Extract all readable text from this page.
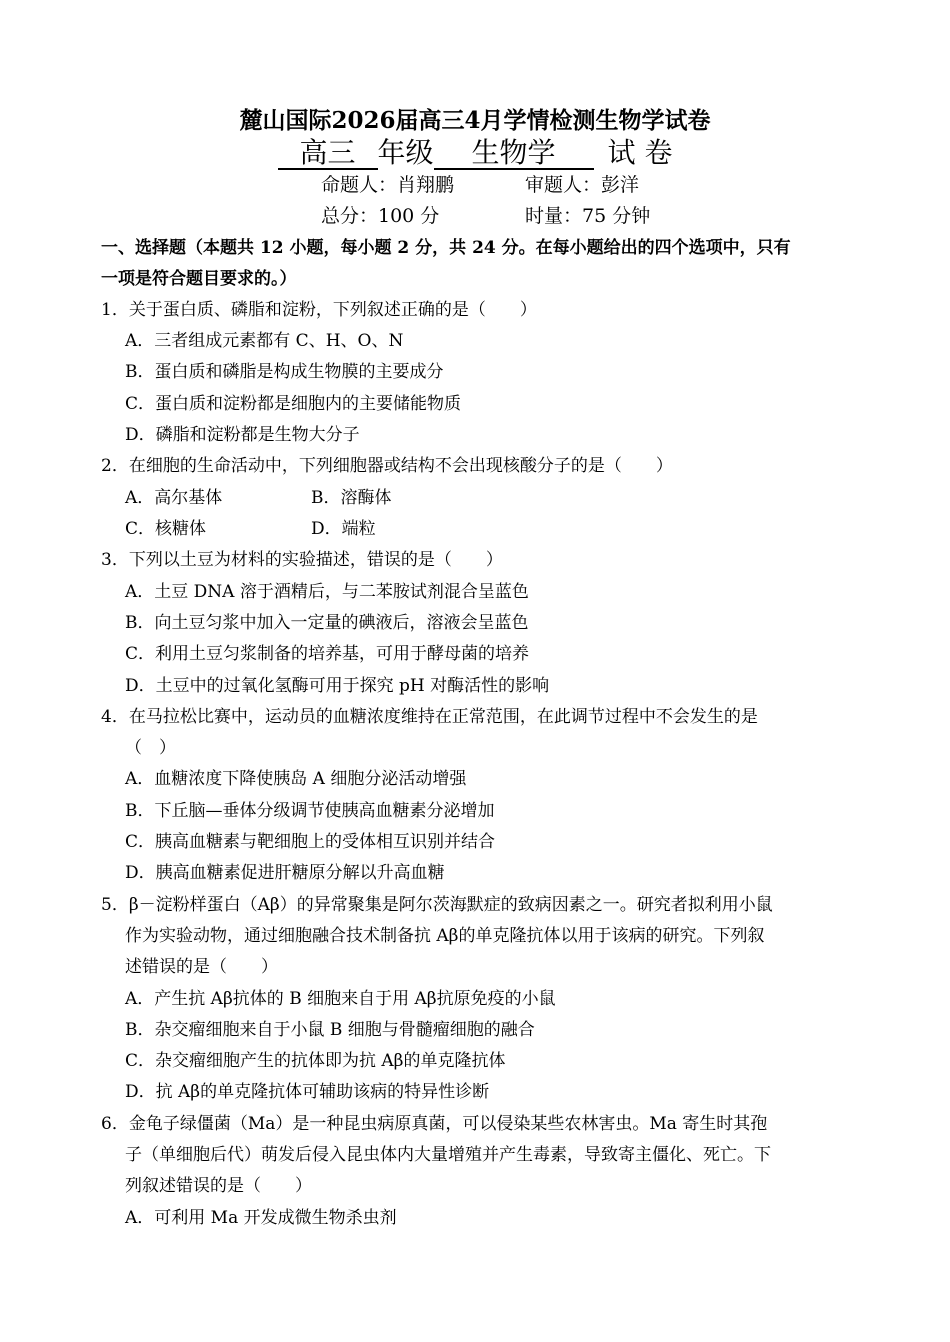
麓山国际2026届高三4月学情检测生物学试卷
高三 年级 生物学 试 卷
命题人：肖翔鹏	审题人：彭洋
总分：100 分	时量：75 分钟
一、选择题（本题共 12 小题，每小题 2 分，共 24 分。在每小题给出的四个选项中，只有
一项是符合题目要求的。）
1．关于蛋白质、磷脂和淀粉，下列叙述正确的是（　　）
A．三者组成元素都有 C、H、O、N
B．蛋白质和磷脂是构成生物膜的主要成分
C．蛋白质和淀粉都是细胞内的主要储能物质
D．磷脂和淀粉都是生物大分子
2．在细胞的生命活动中，下列细胞器或结构不会出现核酸分子的是（　　）
A．高尔基体	B．溶酶体
C．核糖体	D．端粒
3．下列以土豆为材料的实验描述，错误的是（　　）
A．土豆 DNA 溶于酒精后，与二苯胺试剂混合呈蓝色
B．向土豆匀浆中加入一定量的碘液后，溶液会呈蓝色
C．利用土豆匀浆制备的培养基，可用于酵母菌的培养
D．土豆中的过氧化氢酶可用于探究 pH 对酶活性的影响
4．在马拉松比赛中，运动员的血糖浓度维持在正常范围，在此调节过程中不会发生的是
（　）
A．血糖浓度下降使胰岛 A 细胞分泌活动增强
B．下丘脑—垂体分级调节使胰高血糖素分泌增加
C．胰高血糖素与靶细胞上的受体相互识别并结合
D．胰高血糖素促进肝糖原分解以升高血糖
5．β－淀粉样蛋白（Aβ）的异常聚集是阿尔茨海默症的致病因素之一。研究者拟利用小鼠
作为实验动物，通过细胞融合技术制备抗 Aβ的单克隆抗体以用于该病的研究。下列叙
述错误的是（　　）
A．产生抗 Aβ抗体的 B 细胞来自于用 Aβ抗原免疫的小鼠
B．杂交瘤细胞来自于小鼠 B 细胞与骨髓瘤细胞的融合
C．杂交瘤细胞产生的抗体即为抗 Aβ的单克隆抗体
D．抗 Aβ的单克隆抗体可辅助该病的特异性诊断
6．金龟子绿僵菌（Ma）是一种昆虫病原真菌，可以侵染某些农林害虫。Ma 寄生时其孢
子（单细胞后代）萌发后侵入昆虫体内大量增殖并产生毒素，导致寄主僵化、死亡。下
列叙述错误的是（　　）
A．可利用 Ma 开发成微生物杀虫剂
